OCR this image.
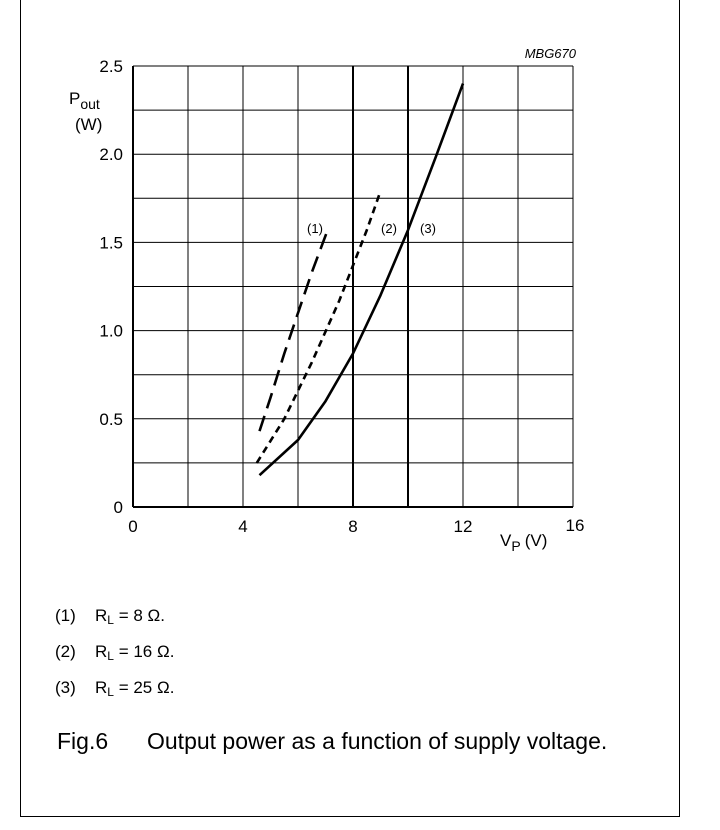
0
0.5
1.0
1.5
2.0
2.5
0	4	8	12	16
(1)	(2) (3)
MBG670
$P_{out}$
(W)
$V_P$ (V)
(1) $R_L = 8$ Ω.
(2) $R_L = 16$ Ω.
(3) $R_L = 25$ Ω.
Fig.6 Output power as a function of supply voltage.
